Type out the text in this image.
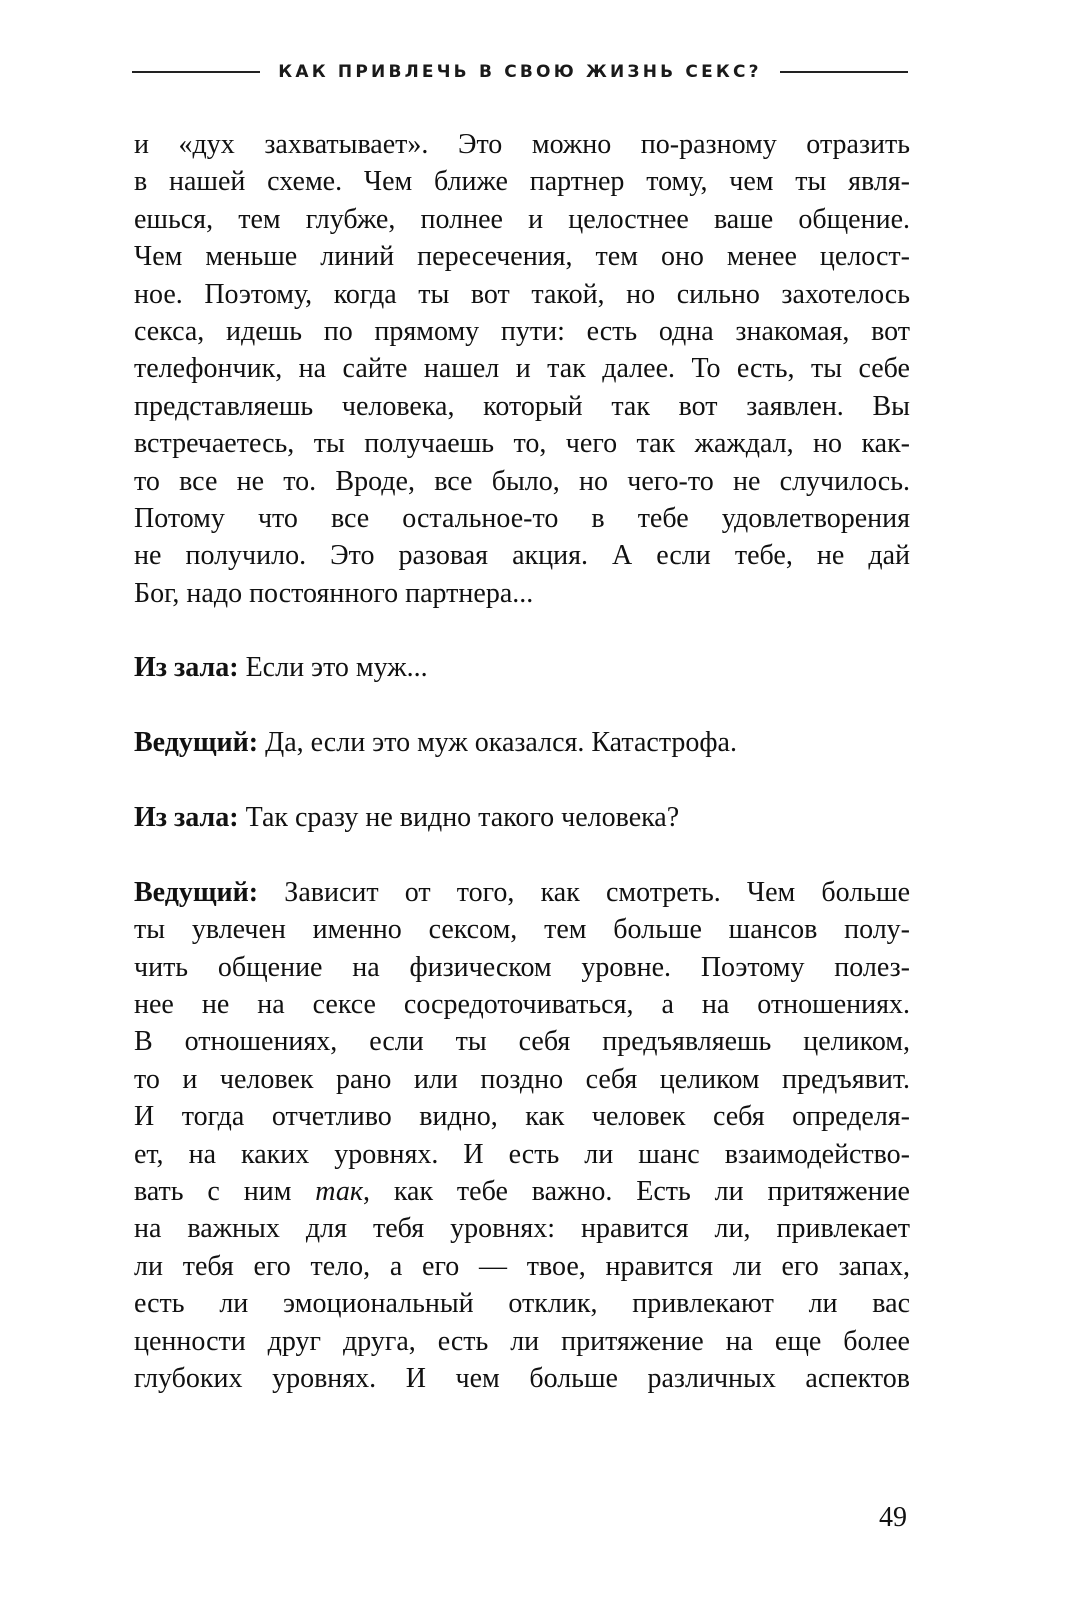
КАК ПРИВЛЕЧЬ В СВОЮ ЖИЗНЬ СЕКС?
и «дух захватывает». Это можно по-разному отразить
в нашей схеме. Чем ближе партнер тому, чем ты явля-
ешься, тем глубже, полнее и целостнее ваше общение.
Чем меньше линий пересечения, тем оно менее целост-
ное. Поэтому, когда ты вот такой, но сильно захотелось
секса, идешь по прямому пути: есть одна знакомая, вот
телефончик, на сайте нашел и так далее. То есть, ты себе
представляешь человека, который так вот заявлен. Вы
встречаетесь, ты получаешь то, чего так жаждал, но как-
то все не то. Вроде, все было, но чего-то не случилось.
Потому что все остальное-то в тебе удовлетворения
не получило. Это разовая акция. А если тебе, не дай
Бог, надо постоянного партнера...
Из зала: Если это муж...
Ведущий: Да, если это муж оказался. Катастрофа.
Из зала: Так сразу не видно такого человека?
Ведущий: Зависит от того, как смотреть. Чем больше
ты увлечен именно сексом, тем больше шансов полу-
чить общение на физическом уровне. Поэтому полез-
нее не на сексе сосредоточиваться, а на отношениях.
В отношениях, если ты себя предъявляешь целиком,
то и человек рано или поздно себя целиком предъявит.
И тогда отчетливо видно, как человек себя определя-
ет, на каких уровнях. И есть ли шанс взаимодейство-
вать с ним так, как тебе важно. Есть ли притяжение
на важных для тебя уровнях: нравится ли, привлекает
ли тебя его тело, а его — твое, нравится ли его запах,
есть ли эмоциональный отклик, привлекают ли вас
ценности друг друга, есть ли притяжение на еще более
глубоких уровнях. И чем больше различных аспектов
49
